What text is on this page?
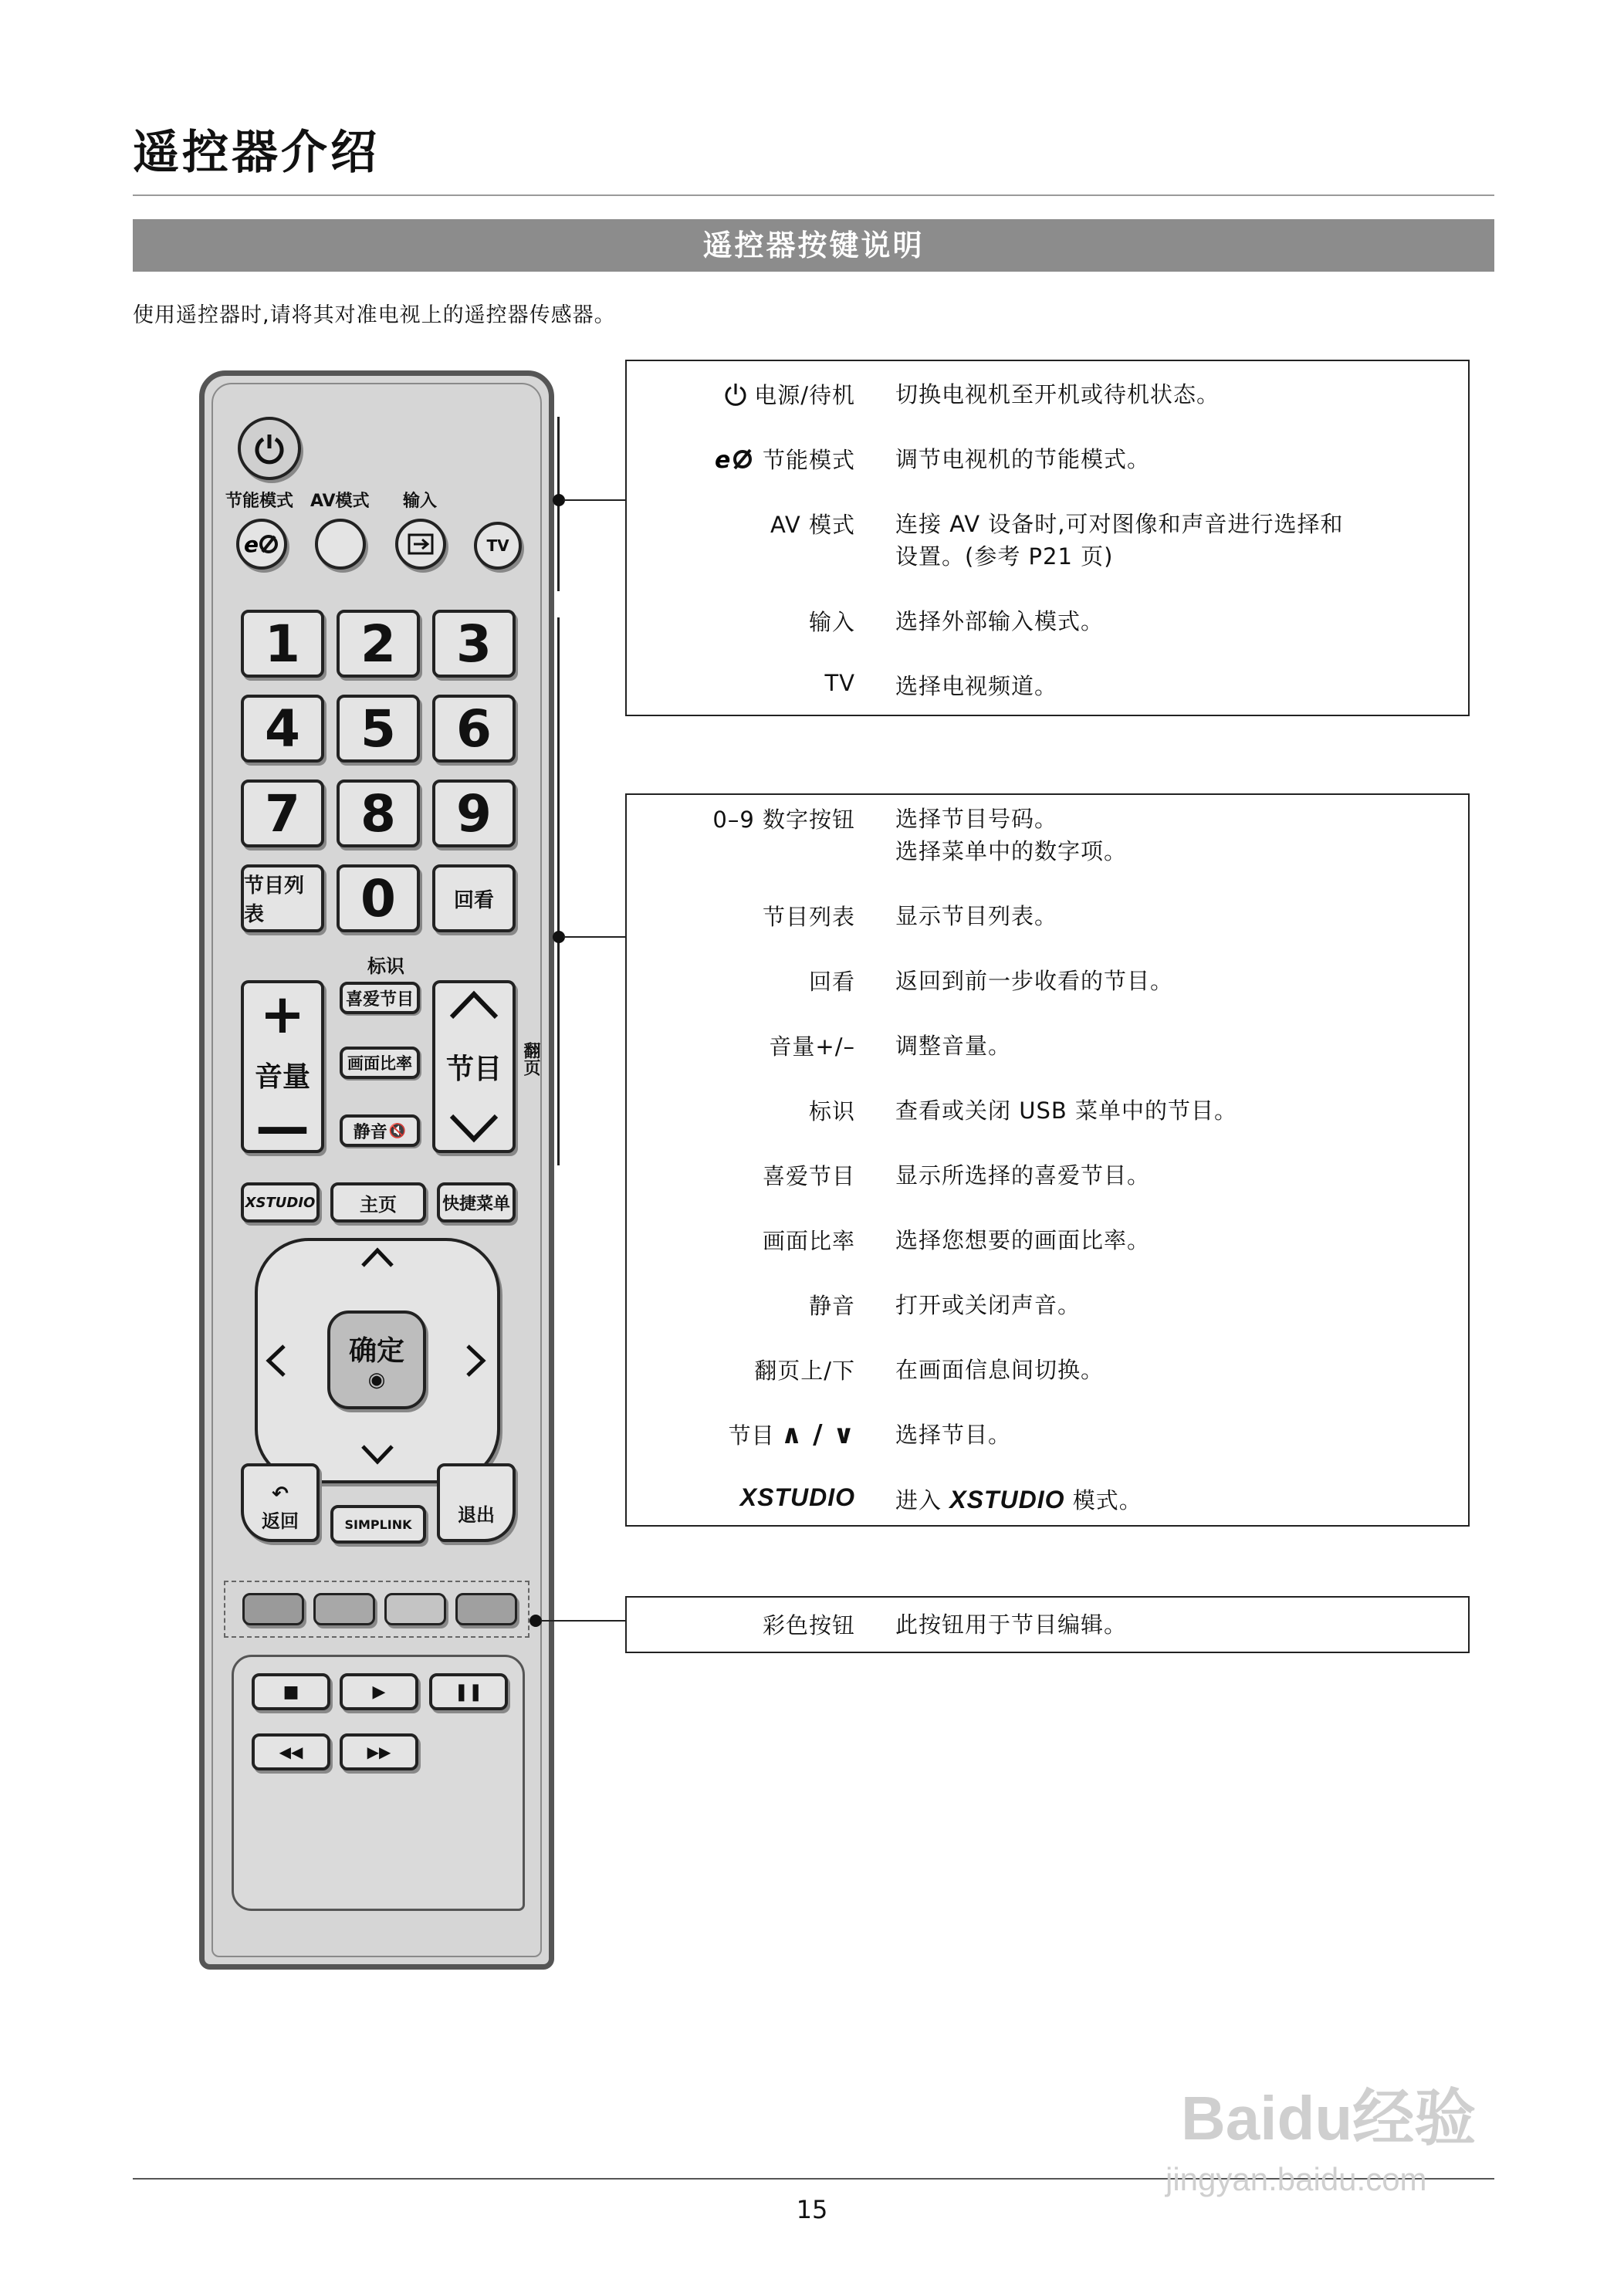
遥控器介绍
遥控器按键说明
使用遥控器时,请将其对准电视上的遥控器传感器。
节能模式 AV模式 输入
e	TV
1 2 3
4 5 6
7 8 9
节目列表	0	回看
标识
+
音量
—
喜爱节目
画面比率
静音 🔇
节目 翻页
XSTUDIO 主页	快捷菜单
确定
◉
↶
返回	SIMPLINK 退出
■	▶	❚❚
◀◀	▶▶
电源/待机 切换电视机至开机或待机状态。
e 节能模式 调节电视机的节能模式。
AV 模式 连接 AV 设备时,可对图像和声音进行选择和
设置。(参考 P21 页)
输入 选择外部输入模式。
TV 选择电视频道。
0–9 数字按钮 选择节目号码。
选择菜单中的数字项。
节目列表 显示节目列表。
回看 返回到前一步收看的节目。
音量+/– 调整音量。
标识 查看或关闭 USB 菜单中的节目。
喜爱节目 显示所选择的喜爱节目。
画面比率 选择您想要的画面比率。
静音 打开或关闭声音。
翻页上/下 在画面信息间切换。
节目 ∧ / ∨ 选择节目。
XSTUDIO 进入 XSTUDIO 模式。
彩色按钮 此按钮用于节目编辑。
15
Baidu经验
jingyan.baidu.com
